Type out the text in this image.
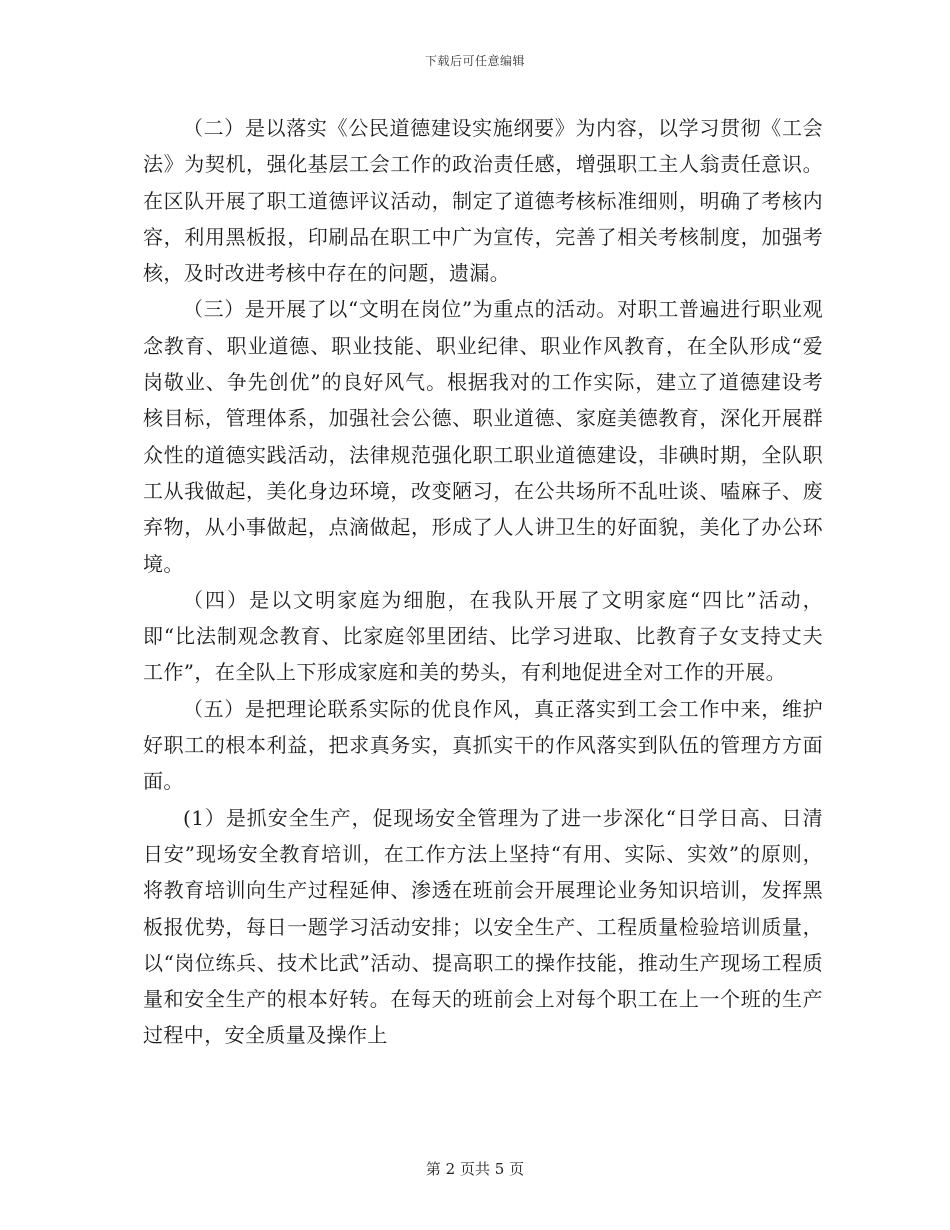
下载后可任意编辑

（二）是以落实《公民道德建设实施纲要》为内容，以学习贯彻《工会法》为契机，强化基层工会工作的政治责任感，增强职工主人翁责任意识。在区队开展了职工道德评议活动，制定了道德考核标准细则，明确了考核内容，利用黑板报，印刷品在职工中广为宣传，完善了相关考核制度，加强考核，及时改进考核中存在的问题，遗漏。

（三）是开展了以“文明在岗位”为重点的活动。对职工普遍进行职业观念教育、职业道德、职业技能、职业纪律、职业作风教育，在全队形成“爱岗敬业、争先创优”的良好风气。根据我对的工作实际，建立了道德建设考核目标，管理体系，加强社会公德、职业道德、家庭美德教育，深化开展群众性的道德实践活动，法律规范强化职工职业道德建设，非碘时期，全队职工从我做起，美化身边环境，改变陋习，在公共场所不乱吐谈、嗑麻子、废弃物，从小事做起，点滴做起，形成了人人讲卫生的好面貌，美化了办公环境。

（四）是以文明家庭为细胞，在我队开展了文明家庭“四比”活动，即“比法制观念教育、比家庭邻里团结、比学习进取、比教育子女支持丈夫工作”，在全队上下形成家庭和美的势头，有利地促进全对工作的开展。

（五）是把理论联系实际的优良作风，真正落实到工会工作中来，维护好职工的根本利益，把求真务实，真抓实干的作风落实到队伍的管理方方面面。

(1）是抓安全生产，促现场安全管理为了进一步深化“日学日高、日清日安”现场安全教育培训，在工作方法上坚持“有用、实际、实效”的原则，将教育培训向生产过程延伸、渗透在班前会开展理论业务知识培训，发挥黑板报优势，每日一题学习活动安排；以安全生产、工程质量检验培训质量，以“岗位练兵、技术比武”活动、提高职工的操作技能，推动生产现场工程质量和安全生产的根本好转。在每天的班前会上对每个职工在上一个班的生产过程中，安全质量及操作上

第 2 页共 5 页
